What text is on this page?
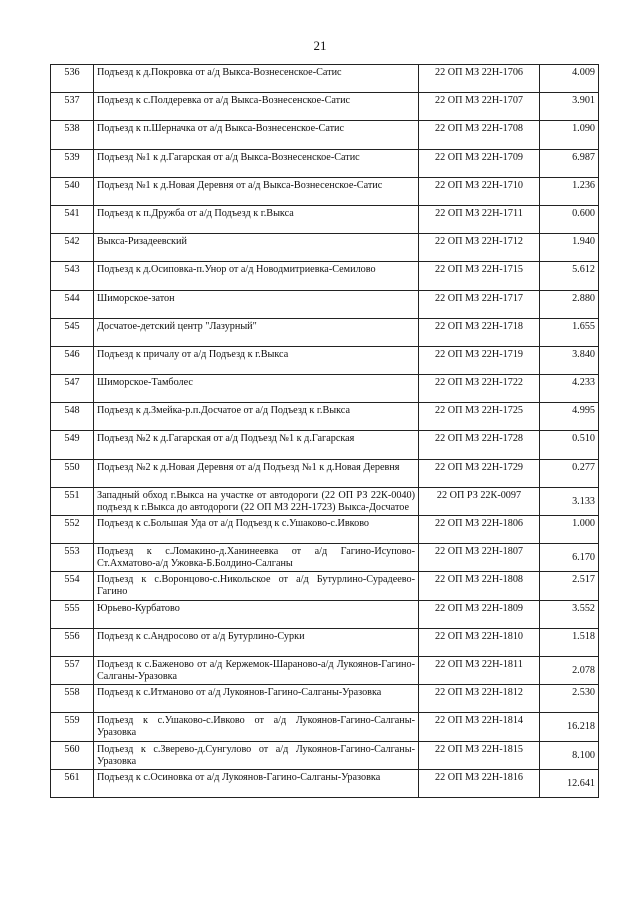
21
536	Подъезд к д.Покровка от а/д Выкса-Вознесенское-Сатис	22 ОП МЗ 22Н-1706	4.009
537	Подъезд к с.Полдеревка от а/д Выкса-Вознесенское-Сатис	22 ОП МЗ 22Н-1707	3.901
538	Подъезд к п.Шерначка от а/д Выкса-Вознесенское-Сатис	22 ОП МЗ 22Н-1708	1.090
539	Подъезд №1 к д.Гагарская от а/д Выкса-Вознесенское-Сатис	22 ОП МЗ 22Н-1709	6.987
540	Подъезд №1 к д.Новая Деревня от а/д Выкса-Вознесенское-Сатис	22 ОП МЗ 22Н-1710	1.236
541	Подъезд к п.Дружба от а/д Подъезд к г.Выкса	22 ОП МЗ 22Н-1711	0.600
542	Выкса-Ризадеевский	22 ОП МЗ 22Н-1712	1.940
543	Подъезд к д.Осиповка-п.Унор от а/д Новодмитриевка-Семилово	22 ОП МЗ 22Н-1715	5.612
544	Шиморское-затон	22 ОП МЗ 22Н-1717	2.880
545	Досчатое-детский центр "Лазурный"	22 ОП МЗ 22Н-1718	1.655
546	Подъезд к причалу от а/д Подъезд к г.Выкса	22 ОП МЗ 22Н-1719	3.840
547	Шиморское-Тамболес	22 ОП МЗ 22Н-1722	4.233
548	Подъезд к д.Змейка-р.п.Досчатое от а/д Подъезд к г.Выкса	22 ОП МЗ 22Н-1725	4.995
549	Подъезд №2 к д.Гагарская от а/д Подъезд №1 к д.Гагарская	22 ОП МЗ 22Н-1728	0.510
550	Подъезд №2 к д.Новая Деревня от а/д Подъезд №1 к д.Новая Деревня	22 ОП МЗ 22Н-1729	0.277
551	Западный обход г.Выкса на участке от автодороги (22 ОП РЗ 22К-0040) подъезд к г.Выкса до автодороги (22 ОП МЗ 22Н-1723) Выкса-Досчатое	22 ОП РЗ 22К-0097	3.133
552	Подъезд к с.Большая Уда от а/д Подъезд к с.Ушаково-с.Ивково	22 ОП МЗ 22Н-1806	1.000
553	Подъезд к с.Ломакино-д.Ханинеевка от а/д Гагино-Исупово-Ст.Ахматово-а/д Ужовка-Б.Болдино-Салганы	22 ОП МЗ 22Н-1807	6.170
554	Подъезд к с.Воронцово-с.Никольское от а/д Бутурлино-Сурадеево-Гагино	22 ОП МЗ 22Н-1808	2.517
555	Юрьево-Курбатово	22 ОП МЗ 22Н-1809	3.552
556	Подъезд к с.Андросово от а/д Бутурлино-Сурки	22 ОП МЗ 22Н-1810	1.518
557	Подъезд к с.Баженово от а/д Кержемок-Шараново-а/д Лукоянов-Гагино-Салганы-Уразовка	22 ОП МЗ 22Н-1811	2.078
558	Подъезд к с.Итманово от а/д Лукоянов-Гагино-Салганы-Уразовка	22 ОП МЗ 22Н-1812	2.530
559	Подъезд к с.Ушаково-с.Ивково от а/д Лукоянов-Гагино-Салганы-Уразовка	22 ОП МЗ 22Н-1814	16.218
560	Подъезд к с.Зверево-д.Сунгулово от а/д Лукоянов-Гагино-Салганы-Уразовка	22 ОП МЗ 22Н-1815	8.100
561	Подъезд к с.Осиновка от а/д Лукоянов-Гагино-Салганы-Уразовка	22 ОП МЗ 22Н-1816	12.641
